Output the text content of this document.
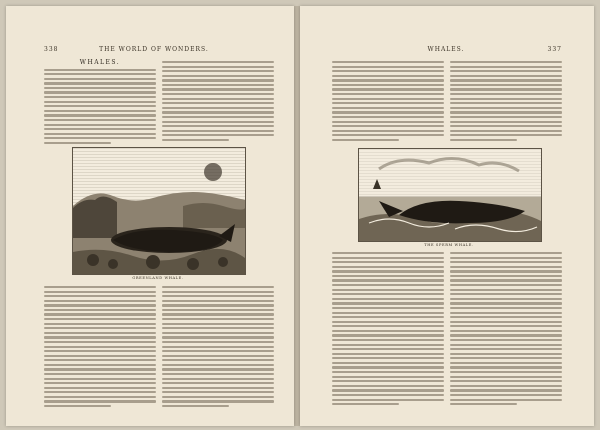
338	THE WORLD OF WONDERS.
WHALES.
GREENLAND WHALE.
WHALES.	337
THE SPERM WHALE.
